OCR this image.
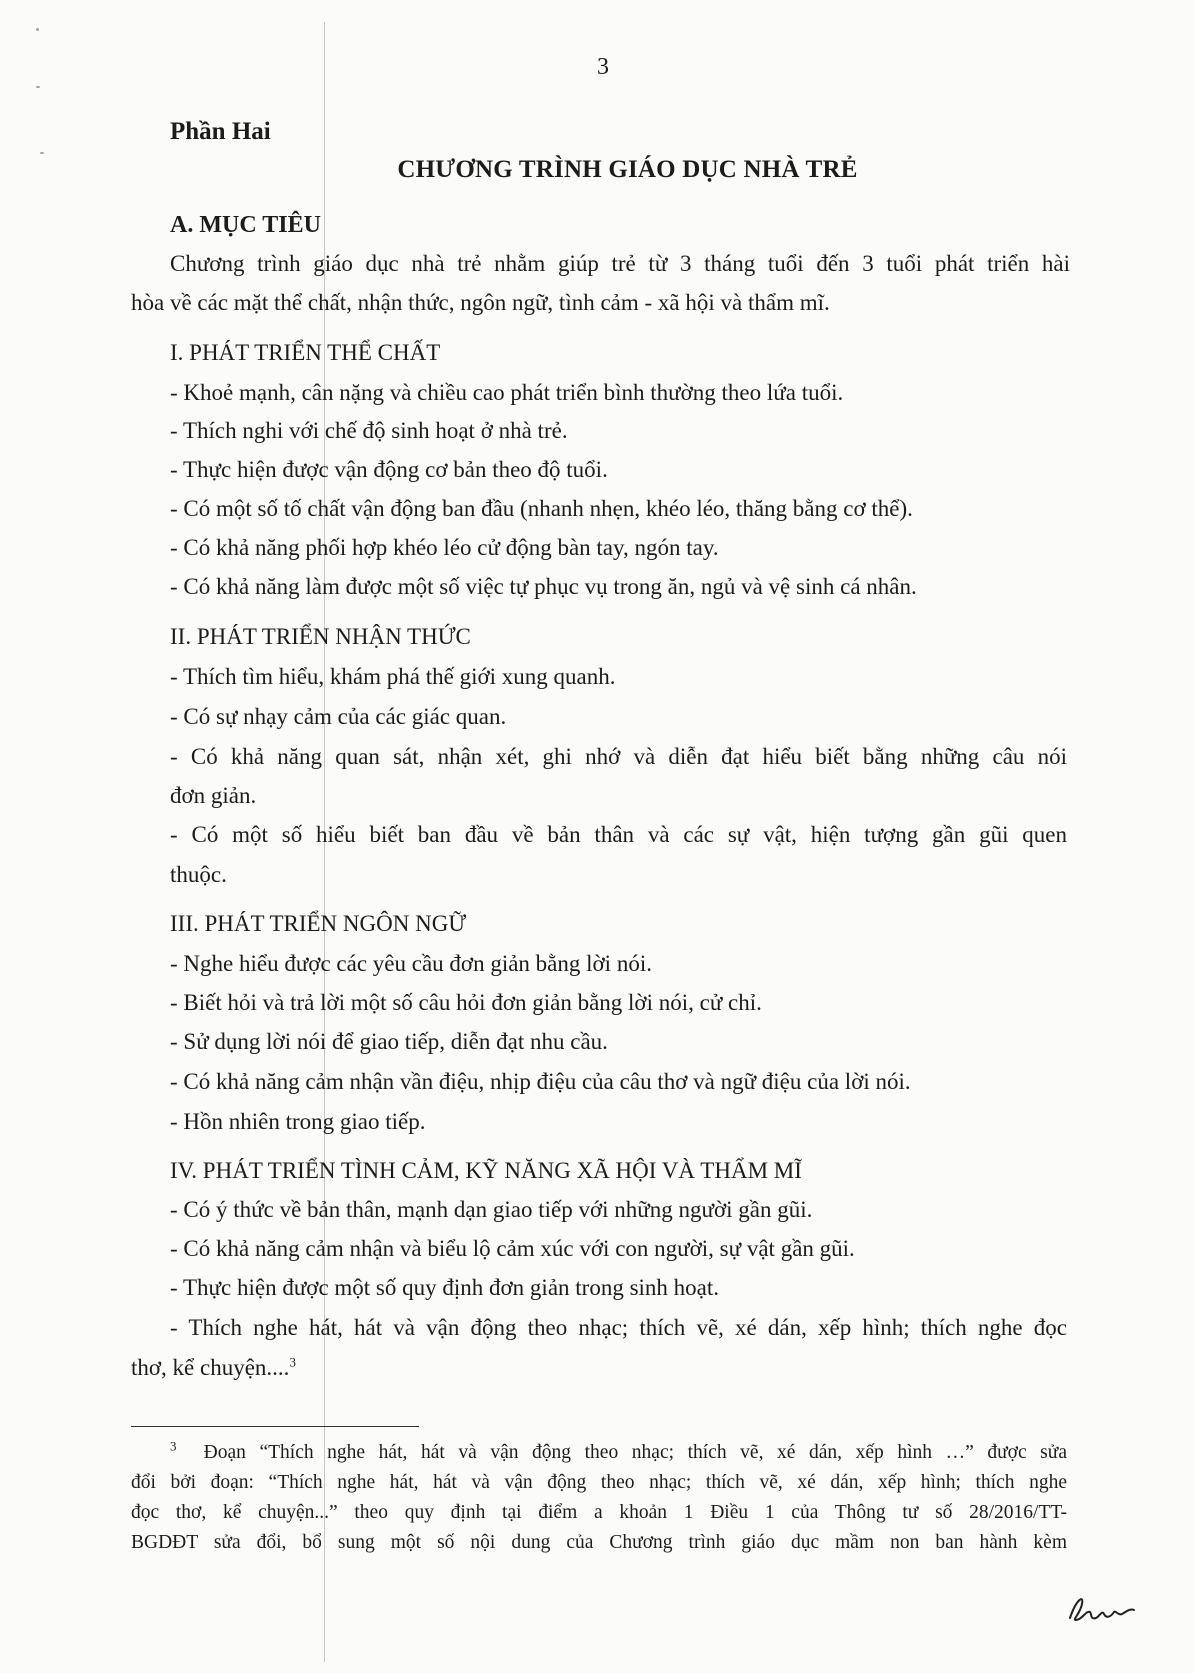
3
Phần Hai
CHƯƠNG TRÌNH GIÁO DỤC NHÀ TRẺ
A. MỤC TIÊU
Chương trình giáo dục nhà trẻ nhằm giúp trẻ từ 3 tháng tuổi đến 3 tuổi phát triển hài
hòa về các mặt thể chất, nhận thức, ngôn ngữ, tình cảm - xã hội và thẩm mĩ.
I. PHÁT TRIỂN THỂ CHẤT
- Khoẻ mạnh, cân nặng và chiều cao phát triển bình thường theo lứa tuổi.
- Thích nghi với chế độ sinh hoạt ở nhà trẻ.
- Thực hiện được vận động cơ bản theo độ tuổi.
- Có một số tố chất vận động ban đầu (nhanh nhẹn, khéo léo, thăng bằng cơ thể).
- Có khả năng phối hợp khéo léo cử động bàn tay, ngón tay.
- Có khả năng làm được một số việc tự phục vụ trong ăn, ngủ và vệ sinh cá nhân.
II. PHÁT TRIỂN NHẬN THỨC
- Thích tìm hiểu, khám phá thế giới xung quanh.
- Có sự nhạy cảm của các giác quan.
- Có khả năng quan sát, nhận xét, ghi nhớ và diễn đạt hiểu biết bằng những câu nói
đơn giản.
- Có một số hiểu biết ban đầu về bản thân và các sự vật, hiện tượng gần gũi quen
thuộc.
III. PHÁT TRIỂN NGÔN NGỮ
- Nghe hiểu được các yêu cầu đơn giản bằng lời nói.
- Biết hỏi và trả lời một số câu hỏi đơn giản bằng lời nói, cử chỉ.
- Sử dụng lời nói để giao tiếp, diễn đạt nhu cầu.
- Có khả năng cảm nhận vần điệu, nhịp điệu của câu thơ và ngữ điệu của lời nói.
- Hồn nhiên trong giao tiếp.
IV. PHÁT TRIỂN TÌNH CẢM, KỸ NĂNG XÃ HỘI VÀ THẨM MĨ
- Có ý thức về bản thân, mạnh dạn giao tiếp với những người gần gũi.
- Có khả năng cảm nhận và biểu lộ cảm xúc với con người, sự vật gần gũi.
- Thực hiện được một số quy định đơn giản trong sinh hoạt.
- Thích nghe hát, hát và vận động theo nhạc; thích vẽ, xé dán, xếp hình; thích nghe đọc
thơ, kể chuyện....$^3$
$^3$ Đoạn “Thích nghe hát, hát và vận động theo nhạc; thích vẽ, xé dán, xếp hình …” được sửa
đổi bởi đoạn: “Thích nghe hát, hát và vận động theo nhạc; thích vẽ, xé dán, xếp hình; thích nghe
đọc thơ, kể chuyện...” theo quy định tại điểm a khoản 1 Điều 1 của Thông tư số 28/2016/TT-
BGDĐT sửa đổi, bổ sung một số nội dung của Chương trình giáo dục mầm non ban hành kèm
